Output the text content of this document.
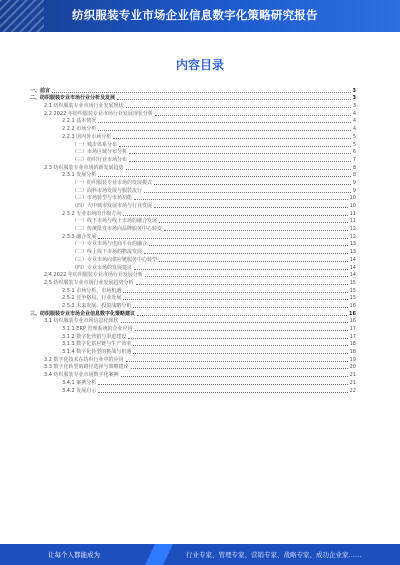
纺织服装专业市场企业信息数字化策略研究报告
内容目录
一、前言	3
二、纺织服装专业市场行业分析及发展	3
2.1 纺织服装专业市场行业发展现状	3
2.2 2022 年纺织服装专业市场行业发展现状分析	4
2.2.1 基本情况	4
2.2.2 市场分析	4
2.2.3 国内外市场分析	5
（一）城市体系分布	5
（二）市场区域分布分析	6
（三）纺织行业市场分布	7
2.3 纺织服装专业市场的新发展趋势	8
2.3.1 发展分析	8
（一）纺织服装专业市场的发展模式	9
（二）面料市场发展与服装流行	9
（三）市场转型与市场功能	10
（四）大中城市发展市场与行业发展	10
2.3.2 专业市场的升级方向	11
（一）线下市场与线上市场的融合发展	11
（二）传统批发市场向品牌服务中心转变	12
2.3.3 融合发展	12
（一）专业市场与电商平台的融合	13
（二）线上线下市场的物流发展	13
（三）专业市场向供应链服务中心转型	14
（四）专业市场的发展建议	14
2.4 2022 年纺织服装专业市场行业发展分析	14
2.5 纺织服装专业市场行业发展趋势分析	15
2.5.1 市场分析、市场机遇	15
2.5.2 竞争格局、行业发展	15
2.5.3 未来发展、投资战略分析	16
三、纺织服装专业市场企业信息数字化策略建议	16
3.1 纺织服装专业市场信息化现状	16
3.1.1 ERP 管理系统的企业应用	17
3.1.2 数字化营销与渠道建设	17
3.1.3 数字化供应链与生产效率	18
3.1.4 数字化转型的挑战与机遇	18
3.2 数字化技术在纺织行业中的应用	19
3.3 数字化转型的路径选择与策略建议	20
3.4 纺织服装专业市场数字化案例	21
3.4.1 案例分析	21
3.4.2 发展启示	22
让每个人都能成为	行业专家、管理专家、营销专家、战略专家、成功企业家……
